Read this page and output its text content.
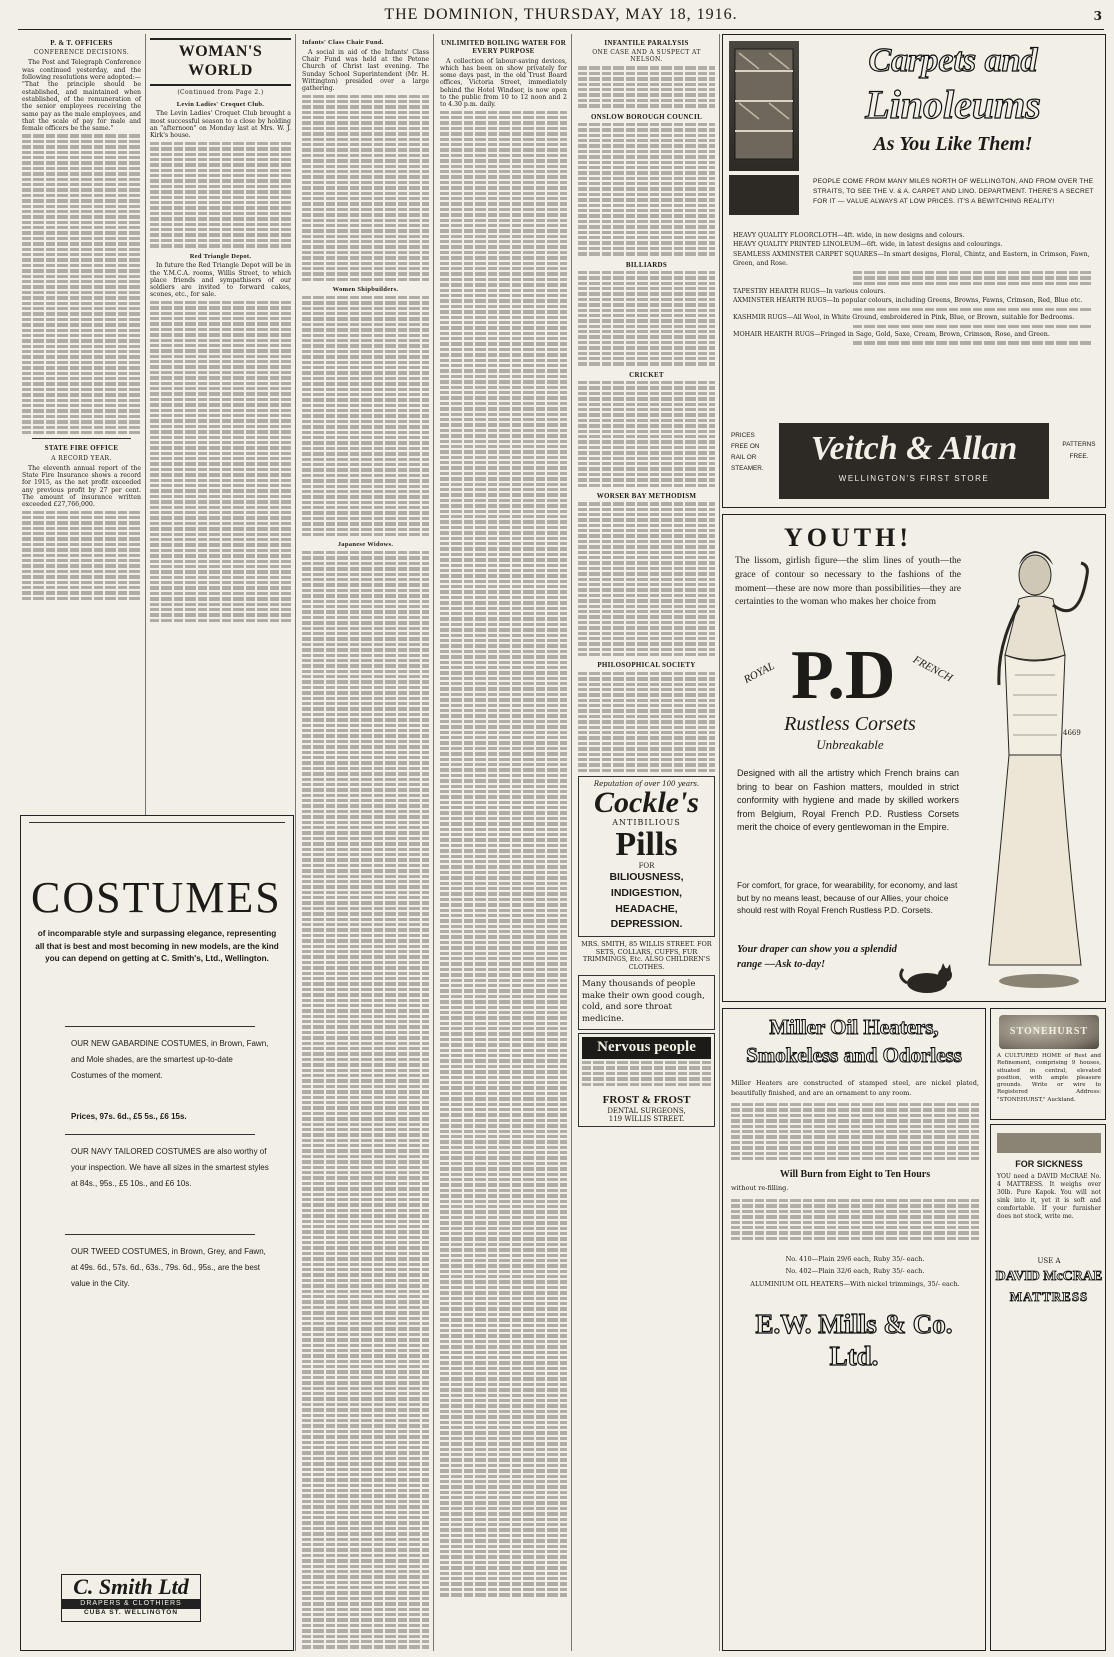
THE DOMINION, THURSDAY, MAY 18, 1916.	3
P. & T. OFFICERS
CONFERENCE DECISIONS.

The Post and Telegraph Conference was continued yesterday, and the following resolutions were adopted:— "That the principle should be established, and maintained when established, of the remuneration of the senior employees receiving the same pay as the male employees, and that the scale of pay for male and female officers be the same."

STATE FIRE OFFICE
A RECORD YEAR.

The eleventh annual report of the State Fire Insurance shows a record for 1915, as the net profit exceeded any previous profit by 27 per cent. The amount of insurance written exceeded £27,766,000.

WOMAN'S WORLD
(Continued from Page 2.)
Levin Ladies' Croquet Club.

The Levin Ladies' Croquet Club brought a most successful season to a close by holding an "afternoon" on Monday last at Mrs. W. J. Kirk's house.

Red Triangle Depot.

In future the Red Triangle Depot will be in the Y.M.C.A. rooms, Willis Street, to which place friends and sympathisers of our soldiers are invited to forward cakes, scones, etc., for sale.

COSTUMES
of incomparable style and surpassing elegance, representing all that is best and most becoming in new models, are the kind you can depend on getting at C. Smith's, Ltd., Wellington.
OUR NEW GABARDINE COSTUMES, in Brown, Fawn, and Mole shades, are the smartest up-to-date Costumes of the moment.
Prices, 97s. 6d., £5 5s., £6 15s.
OUR NAVY TAILORED COSTUMES are also worthy of your inspection. We have all sizes in the smartest styles at 84s., 95s., £5 10s., and £6 10s.
OUR TWEED COSTUMES, in Brown, Grey, and Fawn, at 49s. 6d., 57s. 6d., 63s., 79s. 6d., 95s., are the best value in the City.
C. Smith Ltd
DRAPERS & CLOTHIERS
CUBA ST. WELLINGTON
Infants' Class Chair Fund.

A social in aid of the Infants' Class Chair Fund was held at the Petone Church of Christ last evening. The Sunday School Superintendent (Mr. H. Wittington) presided over a large gathering.

Women Shipbuilders.
Japanese Widows.
UNLIMITED BOILING WATER FOR EVERY PURPOSE

A collection of labour-saving devices, which has been on show privately for some days past, in the old Trust Board offices, Victoria Street, immediately behind the Hotel Windsor, is now open to the public from 10 to 12 noon and 2 to 4.30 p.m. daily.

INFANTILE PARALYSIS
ONE CASE AND A SUSPECT AT NELSON.
ONSLOW BOROUGH COUNCIL
BILLIARDS
CRICKET
WORSER BAY METHODISM
PHILOSOPHICAL SOCIETY
Reputation of over 100 years.
Cockle's
ANTIBILIOUS
Pills
FOR
BILIOUSNESS, INDIGESTION, HEADACHE, DEPRESSION.
MRS. SMITH, 85 WILLIS STREET. FOR SETS, COLLARS, CUFFS, FUR TRIMMINGS, Etc. ALSO CHILDREN'S CLOTHES.
Many thousands of people make their own good cough, cold, and sore throat medicine.
Nervous people
FROST & FROST
DENTAL SURGEONS,
119 WILLIS STREET.
Carpets and
Linoleums
As You Like Them!
PEOPLE COME FROM MANY MILES NORTH OF WELLINGTON, AND FROM OVER THE STRAITS, TO SEE THE V. & A. CARPET AND LINO. DEPARTMENT. THERE'S A SECRET FOR IT — VALUE ALWAYS AT LOW PRICES. IT'S A BEWITCHING REALITY!
HEAVY QUALITY FLOORCLOTH—4ft. wide, in new designs and colours.
HEAVY QUALITY PRINTED LINOLEUM—6ft. wide, in latest designs and colourings.
SEAMLESS AXMINSTER CARPET SQUARES—In smart designs, Floral, Chintz, and Eastern, in Crimson, Fawn, Green, and Rose.
TAPESTRY HEARTH RUGS—In various colours.
AXMINSTER HEARTH RUGS—In popular colours, including Greens, Browns, Fawns, Crimson, Red, Blue etc.
KASHMIR RUGS—All Wool, in White Ground, embroidered in Pink, Blue, or Brown, suitable for Bedrooms.
MOHAIR HEARTH RUGS—Fringed in Sage, Gold, Saxe, Cream, Brown, Crimson, Rose, and Green.
PRICES FREE ON RAIL OR STEAMER.
Veitch & Allan
WELLINGTON'S FIRST STORE
PATTERNS FREE.
YOUTH!
The lissom, girlish figure—the slim lines of youth—the grace of contour so necessary to the fashions of the moment—these are now more than possibilities—they are certainties to the woman who makes her choice from
ROYAL P.D FRENCH
Rustless Corsets
Unbreakable
Designed with all the artistry which French brains can bring to bear on Fashion matters, moulded in strict conformity with hygiene and made by skilled workers from Belgium, Royal French P.D. Rustless Corsets merit the choice of every gentlewoman in the Empire.
For comfort, for grace, for wearability, for economy, and last but by no means least, because of our Allies, your choice should rest with Royal French Rustless P.D. Corsets.
Your draper can show you a splendid range —Ask to-day!
4669
Miller Oil Heaters,
Smokeless and Odorless
Miller Heaters are constructed of stamped steel, are nickel plated, beautifully finished, and are an ornament to any room.
Will Burn from Eight to Ten Hours
without re-filling.
No. 410—Plain 29/6 each, Ruby 35/- each.
No. 402—Plain 32/6 each, Ruby 35/- each.
ALUMINIUM OIL HEATERS—With nickel trimmings, 35/- each.
E.W. Mills & Co. Ltd.
STONEHURST
A CULTURED HOME of Rest and Refinement, comprising 9 houses, situated in central, elevated position, with ample pleasure grounds. Write or wire to Registered Address: "STONEHURST," Auckland.
FOR SICKNESS
YOU need a DAVID McCRAE No. 4 MATTRESS. It weighs over 30lb. Pure Kapok. You will not sink into it, yet it is soft and comfortable. If your furnisher does not stock, write me.
USE A
DAVID McCRAE
MATTRESS
